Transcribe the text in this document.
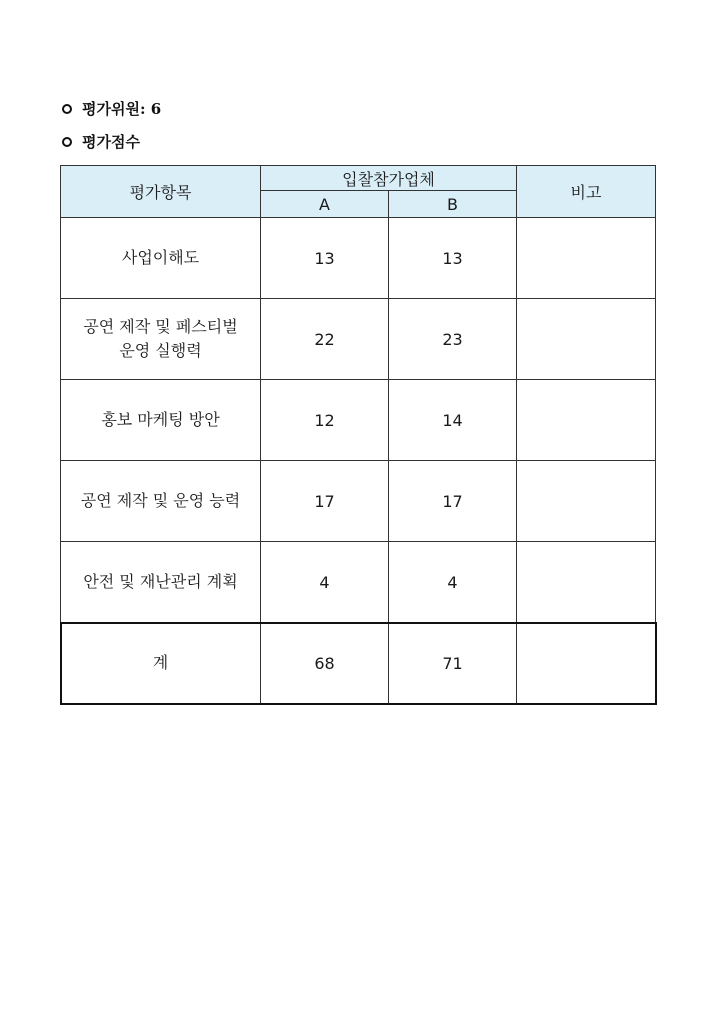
평가위원: 6
평가점수
평가항목	입찰참가업체		비고
	A	B	

사업이해도	13	13	

공연 제작 및 페스티벌
운영 실행력	22	23	

홍보 마케팅 방안	12	14	

공연 제작 및 운영 능력	17	17	

안전 및 재난관리 계획	4	4	

계	68	71	
